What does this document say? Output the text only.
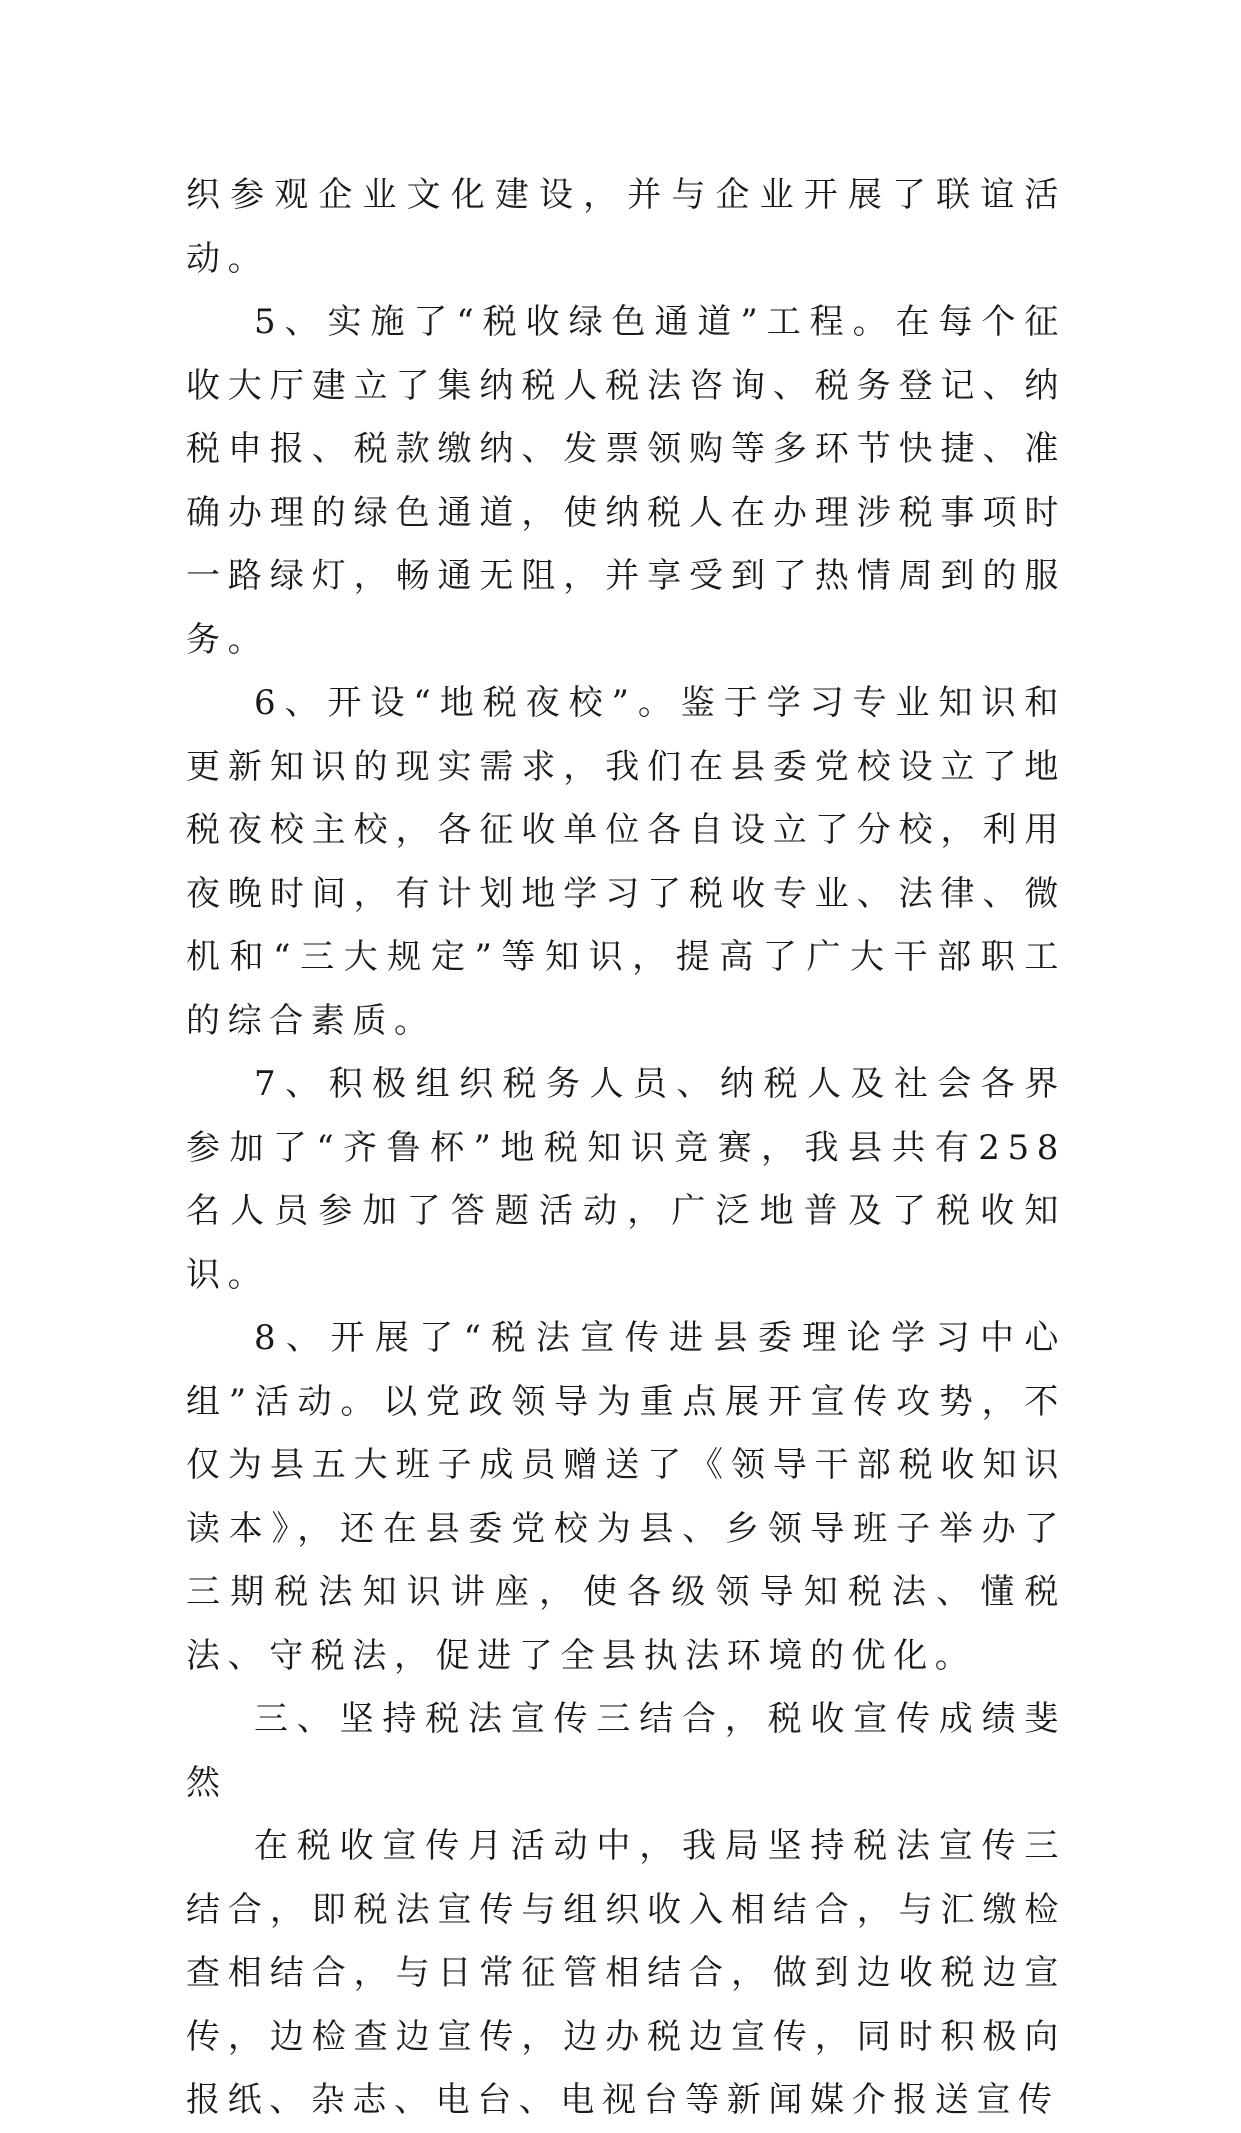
织参观企业文化建设，并与企业开展了联谊活动。

5、实施了“税收绿色通道”工程。在每个征收大厅建立了集纳税人税法咨询、税务登记、纳税申报、税款缴纳、发票领购等多环节快捷、准确办理的绿色通道，使纳税人在办理涉税事项时一路绿灯，畅通无阻，并享受到了热情周到的服务。

6、开设“地税夜校”。鉴于学习专业知识和更新知识的现实需求，我们在县委党校设立了地税夜校主校，各征收单位各自设立了分校，利用夜晚时间，有计划地学习了税收专业、法律、微机和“三大规定”等知识，提高了广大干部职工的综合素质。

7、积极组织税务人员、纳税人及社会各界参加了“齐鲁杯”地税知识竞赛，我县共有258名人员参加了答题活动，广泛地普及了税收知识。

8、开展了“税法宣传进县委理论学习中心组”活动。以党政领导为重点展开宣传攻势，不仅为县五大班子成员赠送了《领导干部税收知识读本》，还在县委党校为县、乡领导班子举办了三期税法知识讲座，使各级领导知税法、懂税法、守税法，促进了全县执法环境的优化。

三、坚持税法宣传三结合，税收宣传成绩斐然

在税收宣传月活动中，我局坚持税法宣传三结合，即税法宣传与组织收入相结合，与汇缴检查相结合，与日常征管相结合，做到边收税边宣传，边检查边宣传，边办税边宣传，同时积极向报纸、杂志、电台、电视台等新闻媒介报送宣传
